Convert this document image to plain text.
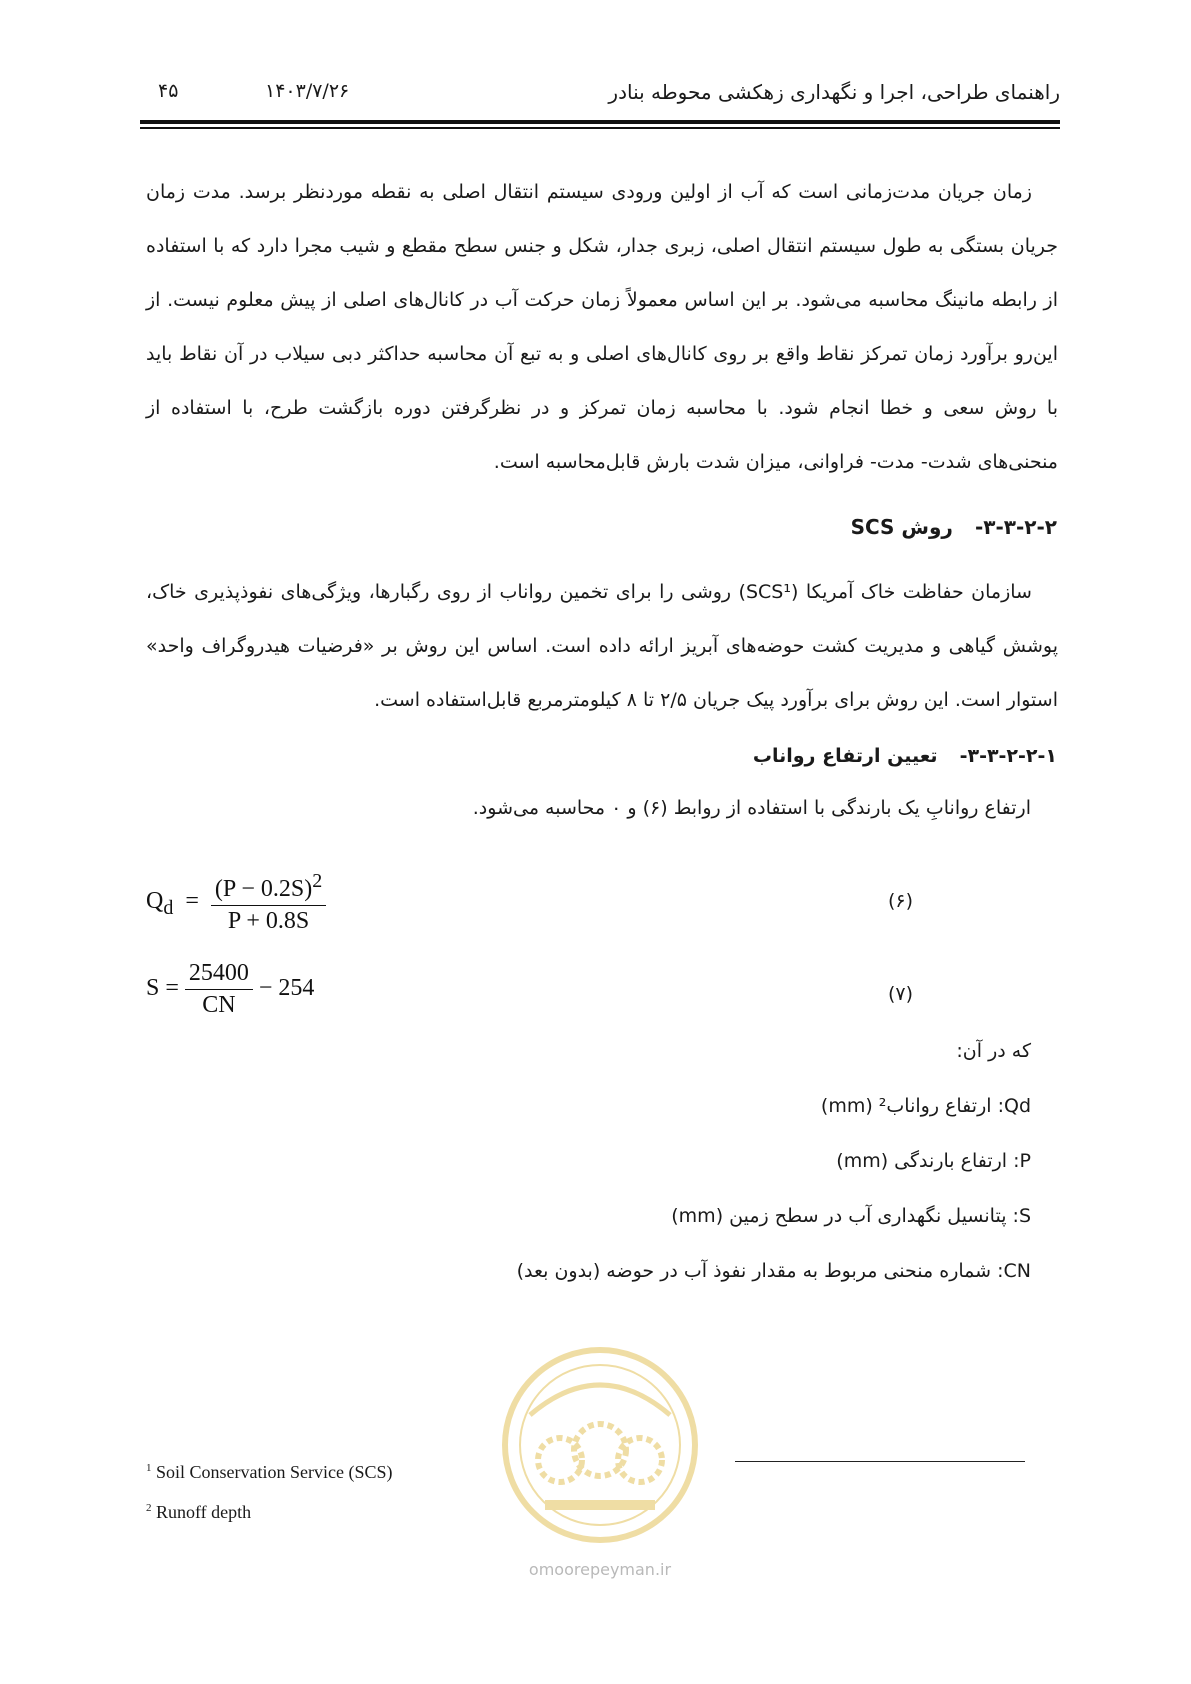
راهنمای طراحی، اجرا و نگهداری زهکشی محوطه بنادر
۱۴۰۳/۷/۲۶
۴۵
زمان جریان مدت‌زمانی است که آب از اولین ورودی سیستم انتقال اصلی به نقطه موردنظر برسد. مدت زمان جریان بستگی به طول سیستم انتقال اصلی، زبری جدار، شکل و جنس سطح مقطع و شیب مجرا دارد که با استفاده از رابطه مانینگ محاسبه می‌شود. بر این اساس معمولاً زمان حرکت آب در کانال‌های اصلی از پیش معلوم نیست. از این‌رو برآورد زمان تمرکز نقاط واقع بر روی کانال‌های اصلی و به تبع آن محاسبه حداکثر دبی سیلاب در آن نقاط باید با روش سعی و خطا انجام شود. با محاسبه زمان تمرکز و در نظرگرفتن دوره بازگشت طرح، با استفاده از منحنی‌های شدت- مدت- فراوانی، میزان شدت بارش قابل‌محاسبه است.
۳-۳-۲-۲-روش SCS
سازمان حفاظت خاک آمریکا (SCS¹) روشی را برای تخمین رواناب از روی رگبارها، ویژگی‌های نفوذپذیری خاک، پوشش گیاهی و مدیریت کشت حوضه‌های آبریز ارائه داده است. اساس این روش بر «فرضیات هیدروگراف واحد» استوار است. این روش برای برآورد پیک جریان ۲/۵ تا ۸ کیلومترمربع قابل‌استفاده است.
۳-۳-۲-۲-۱-تعیین ارتفاع رواناب
ارتفاع روانابِ یک بارندگی با استفاده از روابط (۶) و ۰ محاسبه می‌شود.
$Q_d = \frac{(P - 0.2S)^2}{P + 0.8S}$	(۶)
$S = \frac{25400}{CN} - 254$	(۷)
که در آن:
Qd: ارتفاع رواناب² (mm)
P: ارتفاع بارندگی (mm)
S: پتانسیل نگهداری آب در سطح زمین (mm)
CN: شماره منحنی مربوط به مقدار نفوذ آب در حوضه (بدون بعد)
omoorepeyman.ir
$^1$ Soil Conservation Service (SCS)
$^2$ Runoff depth
